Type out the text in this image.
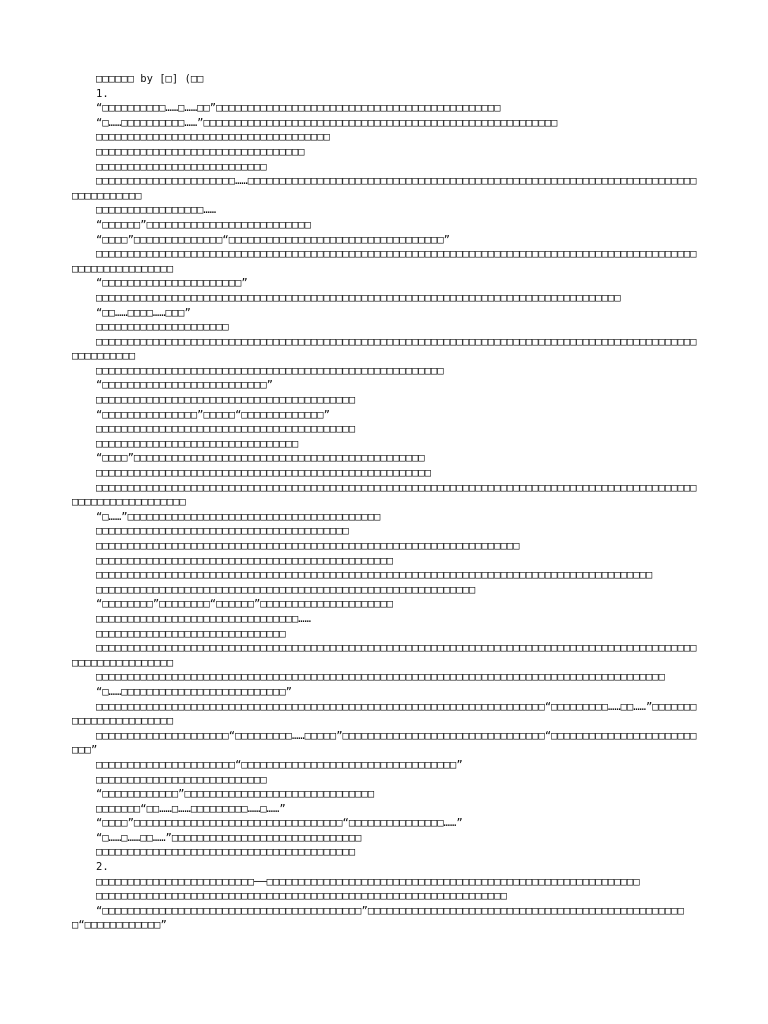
□□□□□□ by [□] (□□

1.

“□□□□□□□□□□……□……□□”□□□□□□□□□□□□□□□□□□□□□□□□□□□□□□□□□□□□□□□□□□□□□

“□……□□□□□□□□□□……”□□□□□□□□□□□□□□□□□□□□□□□□□□□□□□□□□□□□□□□□□□□□□□□□□□□□□□□□

□□□□□□□□□□□□□□□□□□□□□□□□□□□□□□□□□□□□□

□□□□□□□□□□□□□□□□□□□□□□□□□□□□□□□□□

□□□□□□□□□□□□□□□□□□□□□□□□□□□

□□□□□□□□□□□□□□□□□□□□□□……□□□□□□□□□□□□□□□□□□□□□□□□□□□□□□□□□□□□□□□□□□□□□□□□□□□□□□□□□□□□□□□□□□□□□□□□□□□□□□□□□□

□□□□□□□□□□□□□□□□□……

“□□□□□□”□□□□□□□□□□□□□□□□□□□□□□□□□□

“□□□□”□□□□□□□□□□□□□□“□□□□□□□□□□□□□□□□□□□□□□□□□□□□□□□□□□”

□□□□□□□□□□□□□□□□□□□□□□□□□□□□□□□□□□□□□□□□□□□□□□□□□□□□□□□□□□□□□□□□□□□□□□□□□□□□□□□□□□□□□□□□□□□□□□□□□□□□□□□□□□□□□□□

“□□□□□□□□□□□□□□□□□□□□□□”

□□□□□□□□□□□□□□□□□□□□□□□□□□□□□□□□□□□□□□□□□□□□□□□□□□□□□□□□□□□□□□□□□□□□□□□□□□□□□□□□□□□

“□□……□□□□……□□□”

□□□□□□□□□□□□□□□□□□□□□

□□□□□□□□□□□□□□□□□□□□□□□□□□□□□□□□□□□□□□□□□□□□□□□□□□□□□□□□□□□□□□□□□□□□□□□□□□□□□□□□□□□□□□□□□□□□□□□□□□□□□□□□□

□□□□□□□□□□□□□□□□□□□□□□□□□□□□□□□□□□□□□□□□□□□□□□□□□□□□□□□

“□□□□□□□□□□□□□□□□□□□□□□□□□□”

□□□□□□□□□□□□□□□□□□□□□□□□□□□□□□□□□□□□□□□□□

“□□□□□□□□□□□□□□□”□□□□□“□□□□□□□□□□□□□”

□□□□□□□□□□□□□□□□□□□□□□□□□□□□□□□□□□□□□□□□□

□□□□□□□□□□□□□□□□□□□□□□□□□□□□□□□□

“□□□□”□□□□□□□□□□□□□□□□□□□□□□□□□□□□□□□□□□□□□□□□□□□□□□

□□□□□□□□□□□□□□□□□□□□□□□□□□□□□□□□□□□□□□□□□□□□□□□□□□□□□

□□□□□□□□□□□□□□□□□□□□□□□□□□□□□□□□□□□□□□□□□□□□□□□□□□□□□□□□□□□□□□□□□□□□□□□□□□□□□□□□□□□□□□□□□□□□□□□□□□□□□□□□□□□□□□□□□

“□……”□□□□□□□□□□□□□□□□□□□□□□□□□□□□□□□□□□□□□□□□

□□□□□□□□□□□□□□□□□□□□□□□□□□□□□□□□□□□□□□□□

□□□□□□□□□□□□□□□□□□□□□□□□□□□□□□□□□□□□□□□□□□□□□□□□□□□□□□□□□□□□□□□□□□□

□□□□□□□□□□□□□□□□□□□□□□□□□□□□□□□□□□□□□□□□□□□□□□□

□□□□□□□□□□□□□□□□□□□□□□□□□□□□□□□□□□□□□□□□□□□□□□□□□□□□□□□□□□□□□□□□□□□□□□□□□□□□□□□□□□□□□□□□

□□□□□□□□□□□□□□□□□□□□□□□□□□□□□□□□□□□□□□□□□□□□□□□□□□□□□□□□□□□□

“□□□□□□□□”□□□□□□□□“□□□□□□”□□□□□□□□□□□□□□□□□□□□□

□□□□□□□□□□□□□□□□□□□□□□□□□□□□□□□□……

□□□□□□□□□□□□□□□□□□□□□□□□□□□□□□

□□□□□□□□□□□□□□□□□□□□□□□□□□□□□□□□□□□□□□□□□□□□□□□□□□□□□□□□□□□□□□□□□□□□□□□□□□□□□□□□□□□□□□□□□□□□□□□□□□□□□□□□□□□□□□□

□□□□□□□□□□□□□□□□□□□□□□□□□□□□□□□□□□□□□□□□□□□□□□□□□□□□□□□□□□□□□□□□□□□□□□□□□□□□□□□□□□□□□□□□□□

“□……□□□□□□□□□□□□□□□□□□□□□□□□□□”

□□□□□□□□□□□□□□□□□□□□□□□□□□□□□□□□□□□□□□□□□□□□□□□□□□□□□□□□□□□□□□□□□□□□□□□“□□□□□□□□□……□□……”□□□□□□□□□□□□□□□□□□□□□□□

□□□□□□□□□□□□□□□□□□□□□“□□□□□□□□□……□□□□□”□□□□□□□□□□□□□□□□□□□□□□□□□□□□□□□□“□□□□□□□□□□□□□□□□□□□□□□□□□□”

□□□□□□□□□□□□□□□□□□□□□□“□□□□□□□□□□□□□□□□□□□□□□□□□□□□□□□□□□”

□□□□□□□□□□□□□□□□□□□□□□□□□□□

“□□□□□□□□□□□□”□□□□□□□□□□□□□□□□□□□□□□□□□□□□□□

□□□□□□□“□□……□……□□□□□□□□□……□……”

“□□□□”□□□□□□□□□□□□□□□□□□□□□□□□□□□□□□□□□“□□□□□□□□□□□□□□□……”

“□……□……□□……”□□□□□□□□□□□□□□□□□□□□□□□□□□□□□□

□□□□□□□□□□□□□□□□□□□□□□□□□□□□□□□□□□□□□□□□□

2.

□□□□□□□□□□□□□□□□□□□□□□□□□──□□□□□□□□□□□□□□□□□□□□□□□□□□□□□□□□□□□□□□□□□□□□□□□□□□□□□□□□□□□

□□□□□□□□□□□□□□□□□□□□□□□□□□□□□□□□□□□□□□□□□□□□□□□□□□□□□□□□□□□□□□□□□

“□□□□□□□□□□□□□□□□□□□□□□□□□□□□□□□□□□□□□□□□□”□□□□□□□□□□□□□□□□□□□□□□□□□□□□□□□□□□□□□□□□□□□□□□□□□□□“□□□□□□□□□□□□”
